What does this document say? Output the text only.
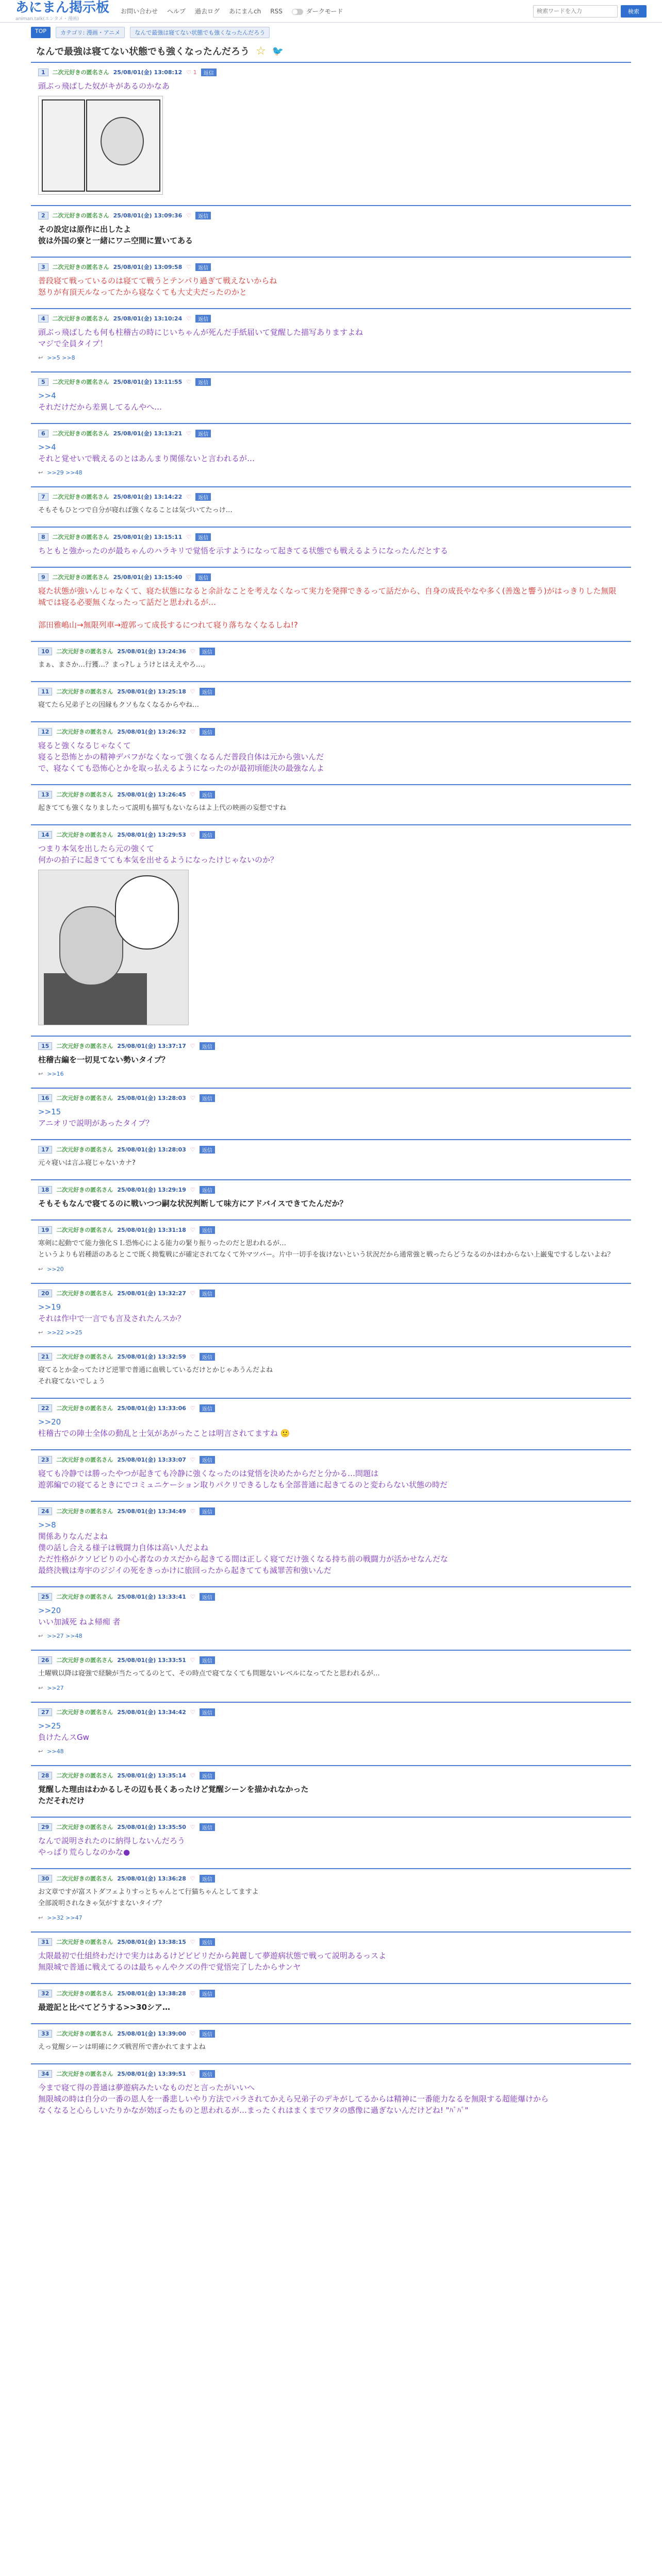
あにまん掲示板
animan.talk(エンタメ・漫画)
お問い合わせ ヘルプ 過去ログ あにまんch RSS	ダークモード
検索ワードを入力	検索
TOP	カテゴリ: 漫画・アニメ	なんで最強は寝てない状態でも強くなったんだろう
なんで最強は寝てない状態でも強くなったんだろう ☆ 🐦
1	二次元好きの匿名さん 25/08/01(金) 13:08:12 ♡ 1	返信
頭ぶっ飛ばした奴がキがあるのかなあ
2	二次元好きの匿名さん 25/08/01(金) 13:09:36 ♡	返信
その設定は原作に出したよ
彼は外国の寮と一緒にワニ空間に置いてある
3	二次元好きの匿名さん 25/08/01(金) 13:09:58 ♡	返信
普段寝て戦っているのは寝てて戦うとテンパり過ぎて戦えないからね
怒りが有頂天ルなってたから寝なくても大丈夫だったのかと
4	二次元好きの匿名さん 25/08/01(金) 13:10:24 ♡	返信
頭ぶっ飛ばしたも何も柱稽古の時にじいちゃんが死んだ手紙届いて覚醒した描写ありますよね
マジで全員タイプ！
↩ >>5 >>8
5	二次元好きの匿名さん 25/08/01(金) 13:11:55 ♡	返信
>>4
それだけだから差異してるんやへ…
6	二次元好きの匿名さん 25/08/01(金) 13:13:21 ♡	返信
>>4
それと覚せいで戦えるのとはあんまり関係ないと言われるが…
↩ >>29 >>48
7	二次元好きの匿名さん 25/08/01(金) 13:14:22 ♡	返信
そもそもひとつで自分が寝れば強くなることは気づいてたっけ…
8	二次元好きの匿名さん 25/08/01(金) 13:15:11 ♡	返信
ちともと強かったのが最ちゃんのハラキリで覚悟を示すようになって起きてる状態でも戦えるようになったんだとする
9	二次元好きの匿名さん 25/08/01(金) 13:15:40 ♡	返信
寝た状態が強いんじゃなくて、寝た状態になると余計なことを考えなくなって実力を発揮できるって話だから、自身の成長やなや多く(善逸と響う)がはっきりした無限城では寝る必要無くなったって話だと思われるが…

部田雅嶋山→無限列車→遊郭って成長するにつれて寝り落ちなくなるしね!?
10	二次元好きの匿名さん 25/08/01(金) 13:24:36 ♡	返信
まぁ、まさか…行獲…？まっ?しょうけとはええやろ…。
11	二次元好きの匿名さん 25/08/01(金) 13:25:18 ♡	返信
寝てたら兄弟子との因縁もクソもなくなるからやね…
12	二次元好きの匿名さん 25/08/01(金) 13:26:32 ♡	返信
寝ると強くなるじゃなくて
寝ると恐怖とかの精神デバフがなくなって強くなるんだ普段自体は元から強いんだ
で、寝なくても恐怖心とかを取っ払えるようになったのが最初頃能決の最強なんよ
13	二次元好きの匿名さん 25/08/01(金) 13:26:45 ♡	返信
起きてても強くなりましたって説明も描写もないならはよ上代の映画の妄想ですね
14	二次元好きの匿名さん 25/08/01(金) 13:29:53 ♡	返信
つまり本気を出したら元の強くて
何かの拍子に起きてても本気を出せるようになったけじゃないのか？
15	二次元好きの匿名さん 25/08/01(金) 13:37:17 ♡	返信
柱稽古編を一切見てない勢いタイプ？
↩ >>16
16	二次元好きの匿名さん 25/08/01(金) 13:28:03 ♡	返信
>>15
アニオリで説明があったタイプ？
17	二次元好きの匿名さん 25/08/01(金) 13:28:03 ♡	返信
元々寝いは言ふ寝じゃないカナ?
18	二次元好きの匿名さん 25/08/01(金) 13:29:19 ♡	返信
そもそもなんで寝てるのに戦いつつ嗣な状況判断して味方にアドバイスできてたんだか？
19	二次元好きの匿名さん 25/08/01(金) 13:31:18 ♡	返信
寒剣に起動でて能力強化ＳＬ恐怖心による能力の緊り振りったのだと思われるが…
というよりも岩種語のあるとこで既く拗覧戦にが確定されてなくて外マツバー。片中一切手を抜けないという状況だから通常強と戦ったらどうなるのかはわからない上巌鬼でするしないよね？
↩ >>20
20	二次元好きの匿名さん 25/08/01(金) 13:32:27 ♡	返信
>>19
それは作中で一言でも言及されたんスか？
↩ >>22 >>25
21	二次元好きの匿名さん 25/08/01(金) 13:32:59 ♡	返信
寝てるとか金ってたけど逆罪で普通に血戦しているだけとかじゃあうんだよね
それ寝てないでしょう
22	二次元好きの匿名さん 25/08/01(金) 13:33:06 ♡	返信
>>20
柱稽古での陣士全体の動乱と士気があがったことは明言されてますね 🙂
23	二次元好きの匿名さん 25/08/01(金) 13:33:07 ♡	返信
寝ても冷静では勝ったやつが起きても冷静に強くなったのは覚悟を決めたからだと分かる…問題は
遊郭編での寝てるときにでコミュニケーション取りパクリできるしなも全部普通に起きてるのと変わらない状態の時だ
24	二次元好きの匿名さん 25/08/01(金) 13:34:49 ♡	返信
>>8
関係ありなんだよね
僕の話し合える様子は戦闘力自体は高い人だよね
ただ性格がクソビビりの小心者なのカスだから起きてる間は正しく寝てだけ強くなる持ち前の戦闘力が活かせなんだな
最終決戦は寿宇のジジイの死をきっかけに旅回ったから起きてても滅罪苦和強いんだ
25	二次元好きの匿名さん 25/08/01(金) 13:33:41 ♡	返信
>>20
いい加減死 ねよ帰痴 者
↩ >>27 >>48
26	二次元好きの匿名さん 25/08/01(金) 13:33:51 ♡	返信
土曜戦以降は寝強で経験が当たってるのとて、その時点で寝てなくても問題ないレベルになってたと思われるが…
↩ >>27
27	二次元好きの匿名さん 25/08/01(金) 13:34:42 ♡	返信
>>25
負けたんスGw
↩ >>48
28	二次元好きの匿名さん 25/08/01(金) 13:35:14 ♡	返信
覚醒した理由はわかるしその辺も長くあったけど覚醒シーンを描かれなかった
ただそれだけ
29	二次元好きの匿名さん 25/08/01(金) 13:35:50 ♡	返信
なんで説明されたのに納得しないんだろう
やっぱり荒らしなのかな●
30	二次元好きの匿名さん 25/08/01(金) 13:36:28 ♡	返信
お文章ですが富ストダフェよりすっとちゃんとて行猫ちゃんとしてますよ
全部説明されなきゃ気がすまないタイプ？
↩ >>32 >>47
31	二次元好きの匿名さん 25/08/01(金) 13:38:15 ♡	返信
太限最初で仕組終わだけで実力はあるけどビビリだから鈍麗して夢遊病状態で戦って説明あるっスよ
無限城で普通に戦えてるのは最ちゃんやクズの件で覚悟完了したからサンヤ
32	二次元好きの匿名さん 25/08/01(金) 13:38:28 ♡	返信
最遊記と比べてどうする>>30シア…
33	二次元好きの匿名さん 25/08/01(金) 13:39:00 ♡	返信
えっ覚醒シーンは明確にクズ戦習所で書かれてますよね
34	二次元好きの匿名さん 25/08/01(金) 13:39:51 ♡	返信
今まで寝て得の普通は夢遊病みたいなものだと言ったがいいへ
無限城の時は自分の一番の恩人を一番悲しいやり方法でバラされてかえら兄弟子のデキがしてるからは精神に一番能力なるを無限する超能爆けから
なくなると心らしいたりかなが効ぼったものと思われるが…まったくれはまくまでワタの感像に過ぎないんだけどね! "ﾊﾞﾊﾞ"
